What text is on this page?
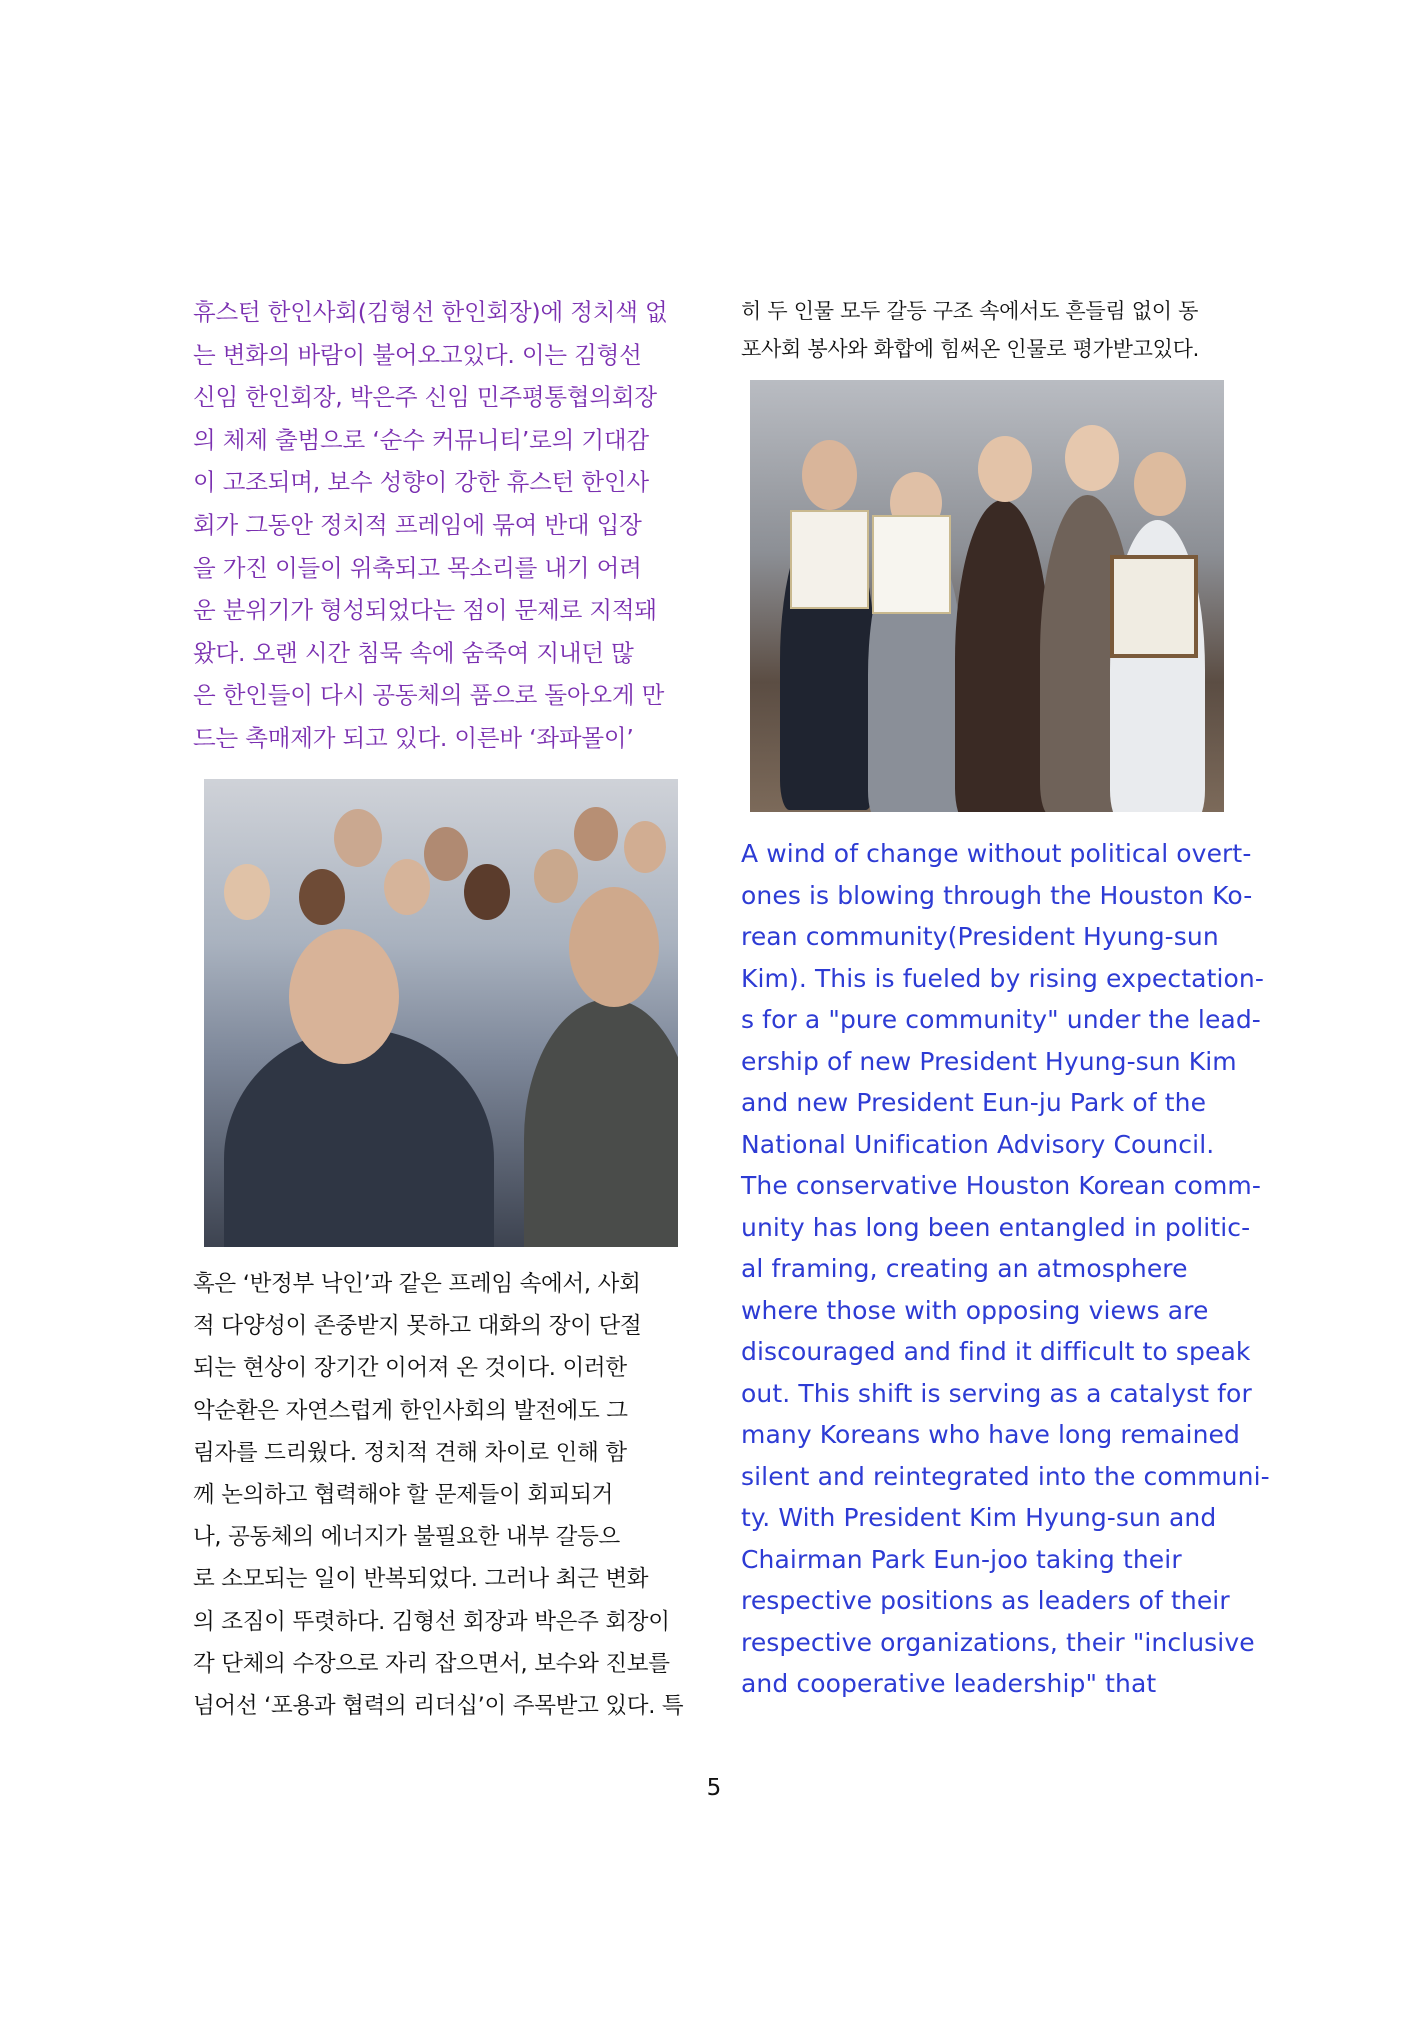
휴스턴 한인사회(김형선 한인회장)에 정치색 없
는 변화의 바람이 불어오고있다. 이는 김형선
신임 한인회장, 박은주 신임 민주평통협의회장
의 체제 출범으로 ‘순수 커뮤니티’로의 기대감
이 고조되며, 보수 성향이 강한 휴스턴 한인사
회가 그동안 정치적 프레임에 묶여 반대 입장
을 가진 이들이 위축되고 목소리를 내기 어려
운 분위기가 형성되었다는 점이 문제로 지적돼
왔다. 오랜 시간 침묵 속에 숨죽여 지내던 많
은 한인들이 다시 공동체의 품으로 돌아오게 만
드는 촉매제가 되고 있다. 이른바 ‘좌파몰이’
히 두 인물 모두 갈등 구조 속에서도 흔들림 없이 동
포사회 봉사와 화합에 힘써온 인물로 평가받고있다.
혹은 ‘반정부 낙인’과 같은 프레임 속에서, 사회
적 다양성이 존중받지 못하고 대화의 장이 단절
되는 현상이 장기간 이어져 온 것이다. 이러한
악순환은 자연스럽게 한인사회의 발전에도 그
림자를 드리웠다. 정치적 견해 차이로 인해 함
께 논의하고 협력해야 할 문제들이 회피되거
나, 공동체의 에너지가 불필요한 내부 갈등으
로 소모되는 일이 반복되었다. 그러나 최근 변화
의 조짐이 뚜렷하다. 김형선 회장과 박은주 회장이
각 단체의 수장으로 자리 잡으면서, 보수와 진보를
넘어선 ‘포용과 협력의 리더십’이 주목받고 있다. 특
A wind of change without political overt-
ones is blowing through the Houston Ko-
rean community(President Hyung-sun
Kim). This is fueled by rising expectation-
s for a "pure community" under the lead-
ership of new President Hyung-sun Kim
and new President Eun-ju Park of the
National Unification Advisory Council.
The conservative Houston Korean comm-
unity has long been entangled in politic-
al framing, creating an atmosphere
where those with opposing views are
discouraged and find it difficult to speak
out. This shift is serving as a catalyst for
many Koreans who have long remained
silent and reintegrated into the communi-
ty. With President Kim Hyung-sun and
Chairman Park Eun-joo taking their
respective positions as leaders of their
respective organizations, their "inclusive
and cooperative leadership" that
5
